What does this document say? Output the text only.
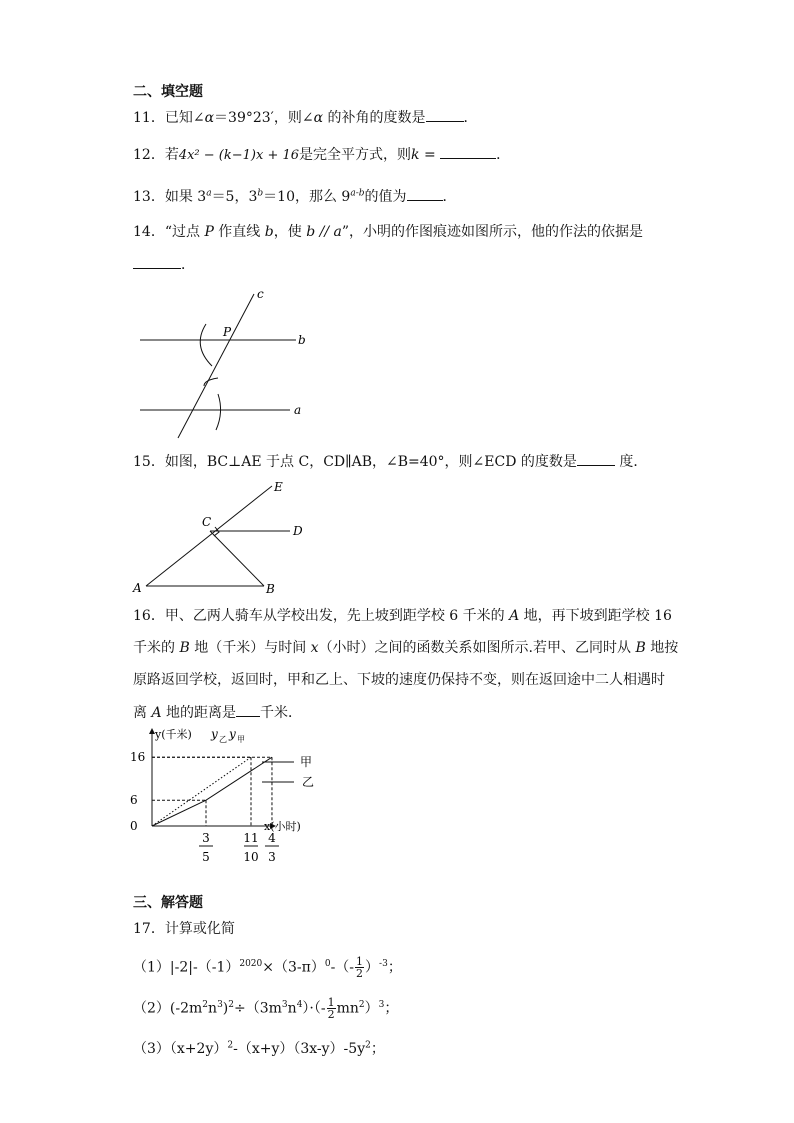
二、填空题
11．已知∠α＝39°23′，则∠α 的补角的度数是	．
12．若4x² − (k−1)x + 16是完全平方式，则k =	．
13．如果 $3^a=5$，$3^b=10$，那么 9$^{a-b}$的值为	．
14．“过点 P 作直线 b，使 b // a”，小明的作图痕迹如图所示，他的作法的依据是
．
c
P
b
a
15．如图，BC⊥AE 于点 C，CD∥AB，∠B=40°，则∠ECD 的度数是	度．
E
C
D
A	B
16．甲、乙两人骑车从学校出发，先上坡到距学校 6 千米的 A 地，再下坡到距学校 16
千米的 B 地（千米）与时间 x（小时）之间的函数关系如图所示.若甲、乙同时从 B 地按
原路返回学校，返回时，甲和乙上、下坡的速度仍保持不变，则在返回途中二人相遇时
离 A 地的距离是 千米．
16
6
0
3
5
11
10
4
3
y(千米)
x(小时)
y 乙 y 甲
甲
乙
三、解答题
17．计算或化简
$(1)|-2|-(-1)^{2020}\times(3-\pi)^0-(- \frac{1}{2} )^{-3}$；
$(2)(-2m^2n^3)^2\div(3m^3n^4)\cdot(- \frac{1}{2} mn^2)^3$；
$(3)(x+2y)^2-(x+y)(3x-y)-5y^2$；
